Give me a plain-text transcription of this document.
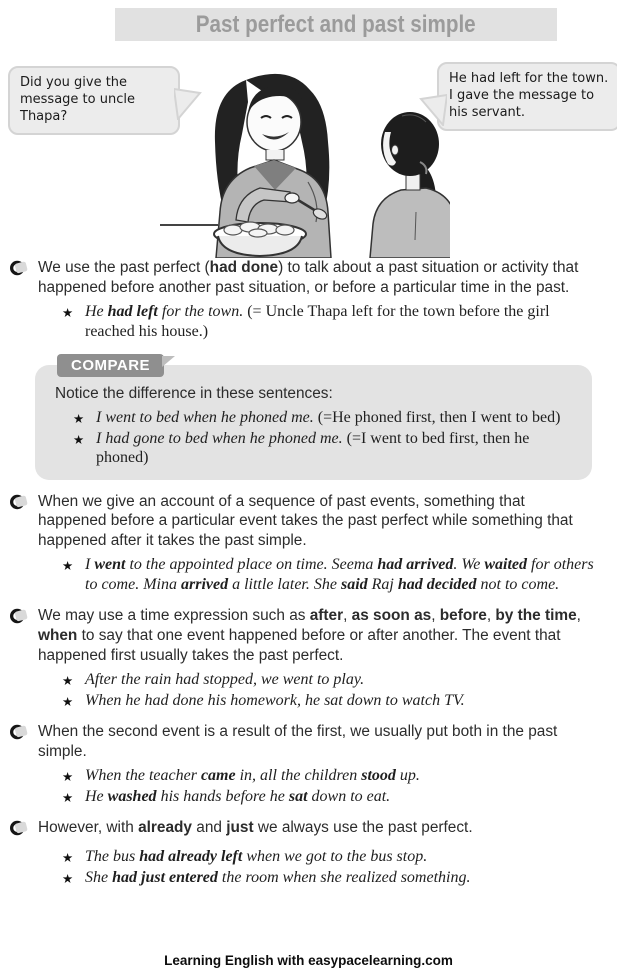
Past perfect and past simple
Did you give the message to uncle Thapa?
He had left for the town. I gave the message to his servant.

We use the past perfect (had done) to talk about a past situation or activity that happened before another past situation, or before a particular time in the past.

★ He had left for the town. (= Uncle Thapa left for the town before the girl reached his house.)

COMPARE

Notice the difference in these sentences:

★ I went to bed when he phoned me. (=He phoned first, then I went to bed)

★ I had gone to bed when he phoned me. (=I went to bed first, then he phoned)

When we give an account of a sequence of past events, something that happened before a particular event takes the past perfect while something that happened after it takes the past simple.

★ I went to the appointed place on time. Seema had arrived. We waited for others to come. Mina arrived a little later. She said Raj had decided not to come.

We may use a time expression such as after, as soon as, before, by the time, when to say that one event happened before or after another. The event that happened first usually takes the past perfect.

★ After the rain had stopped, we went to play.

★ When he had done his homework, he sat down to watch TV.

When the second event is a result of the first, we usually put both in the past simple.

★ When the teacher came in, all the children stood up.

★ He washed his hands before he sat down to eat.

However, with already and just we always use the past perfect.

★ The bus had already left when we got to the bus stop.

★ She had just entered the room when she realized something.

Learning English with easypacelearning.com
